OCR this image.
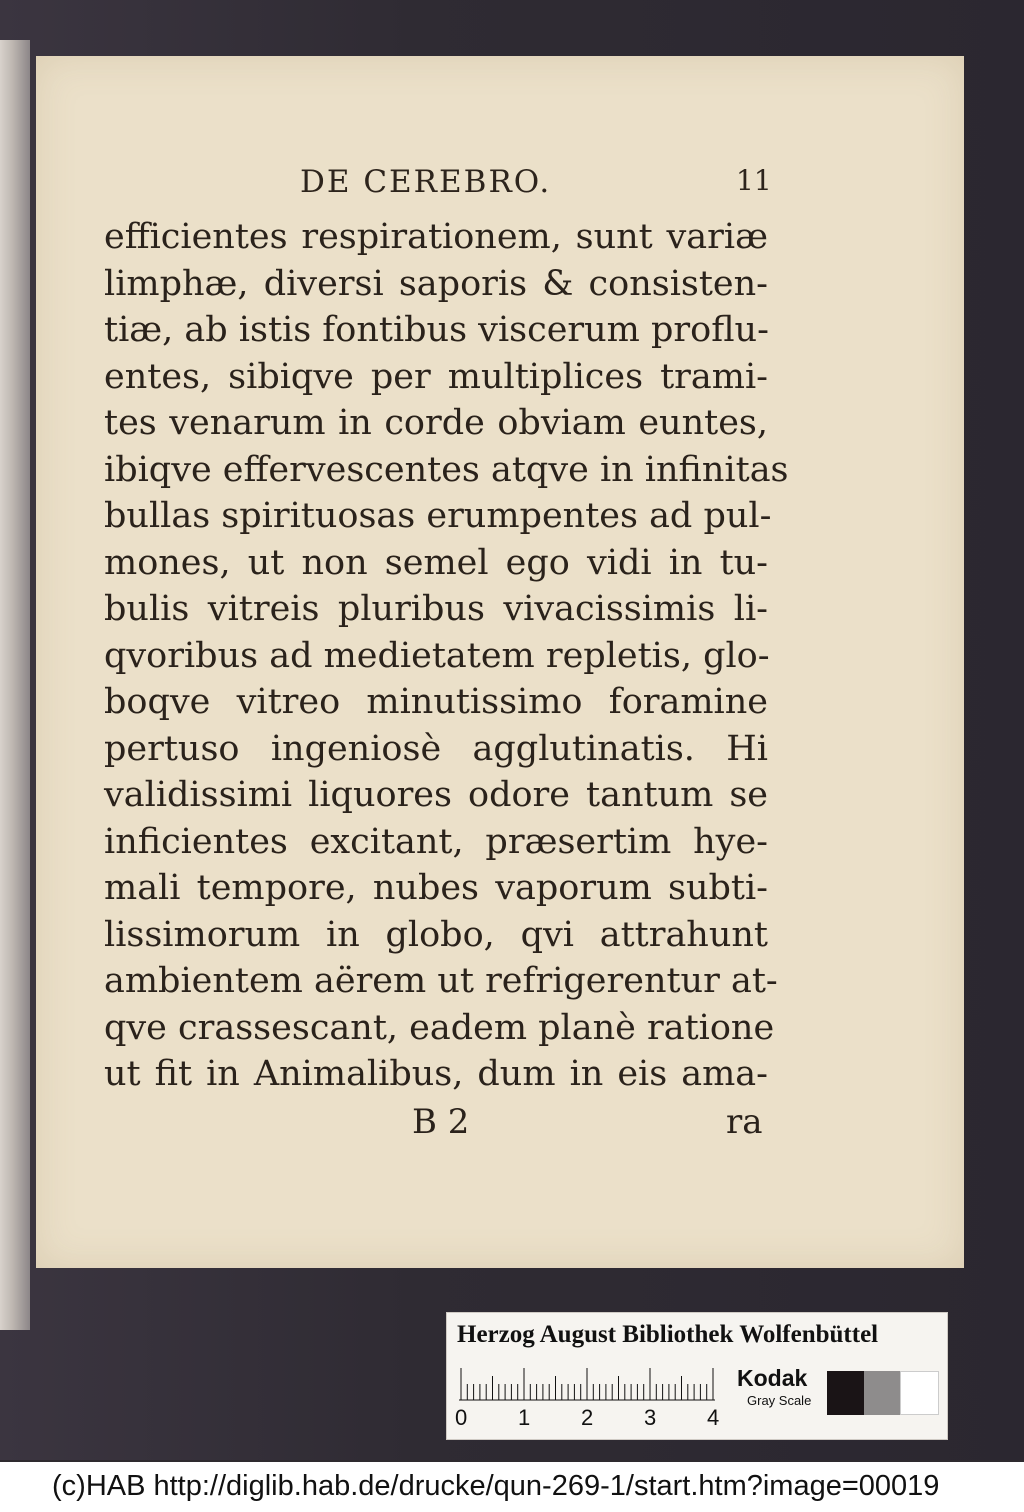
DE CEREBRO.	11
efficientes respirationem, sunt variæ
limphæ, diversi saporis & consisten-
tiæ, ab istis fontibus viscerum proflu-
entes, sibiqve per multiplices trami-
tes venarum in corde obviam euntes,
ibiqve effervescentes atqve in infinitas
bullas spirituosas erumpentes ad pul-
mones, ut non semel ego vidi in tu-
bulis vitreis pluribus vivacissimis li-
qvoribus ad medietatem repletis, glo-
boqve vitreo minutissimo foramine
pertuso ingeniosè agglutinatis. Hi
validissimi liquores odore tantum se
inficientes excitant, præsertim hye-
mali tempore, nubes vaporum subti-
lissimorum in globo, qvi attrahunt
ambientem aërem ut refrigerentur at-
qve crassescant, eadem planè ratione
ut fit in Animalibus, dum in eis ama-
B 2	ra
Herzog August Bibliothek Wolfenbüttel
0 1 2 3 4
Kodak
Gray Scale
(c)HAB http://diglib.hab.de/drucke/qun-269-1/start.htm?image=00019
